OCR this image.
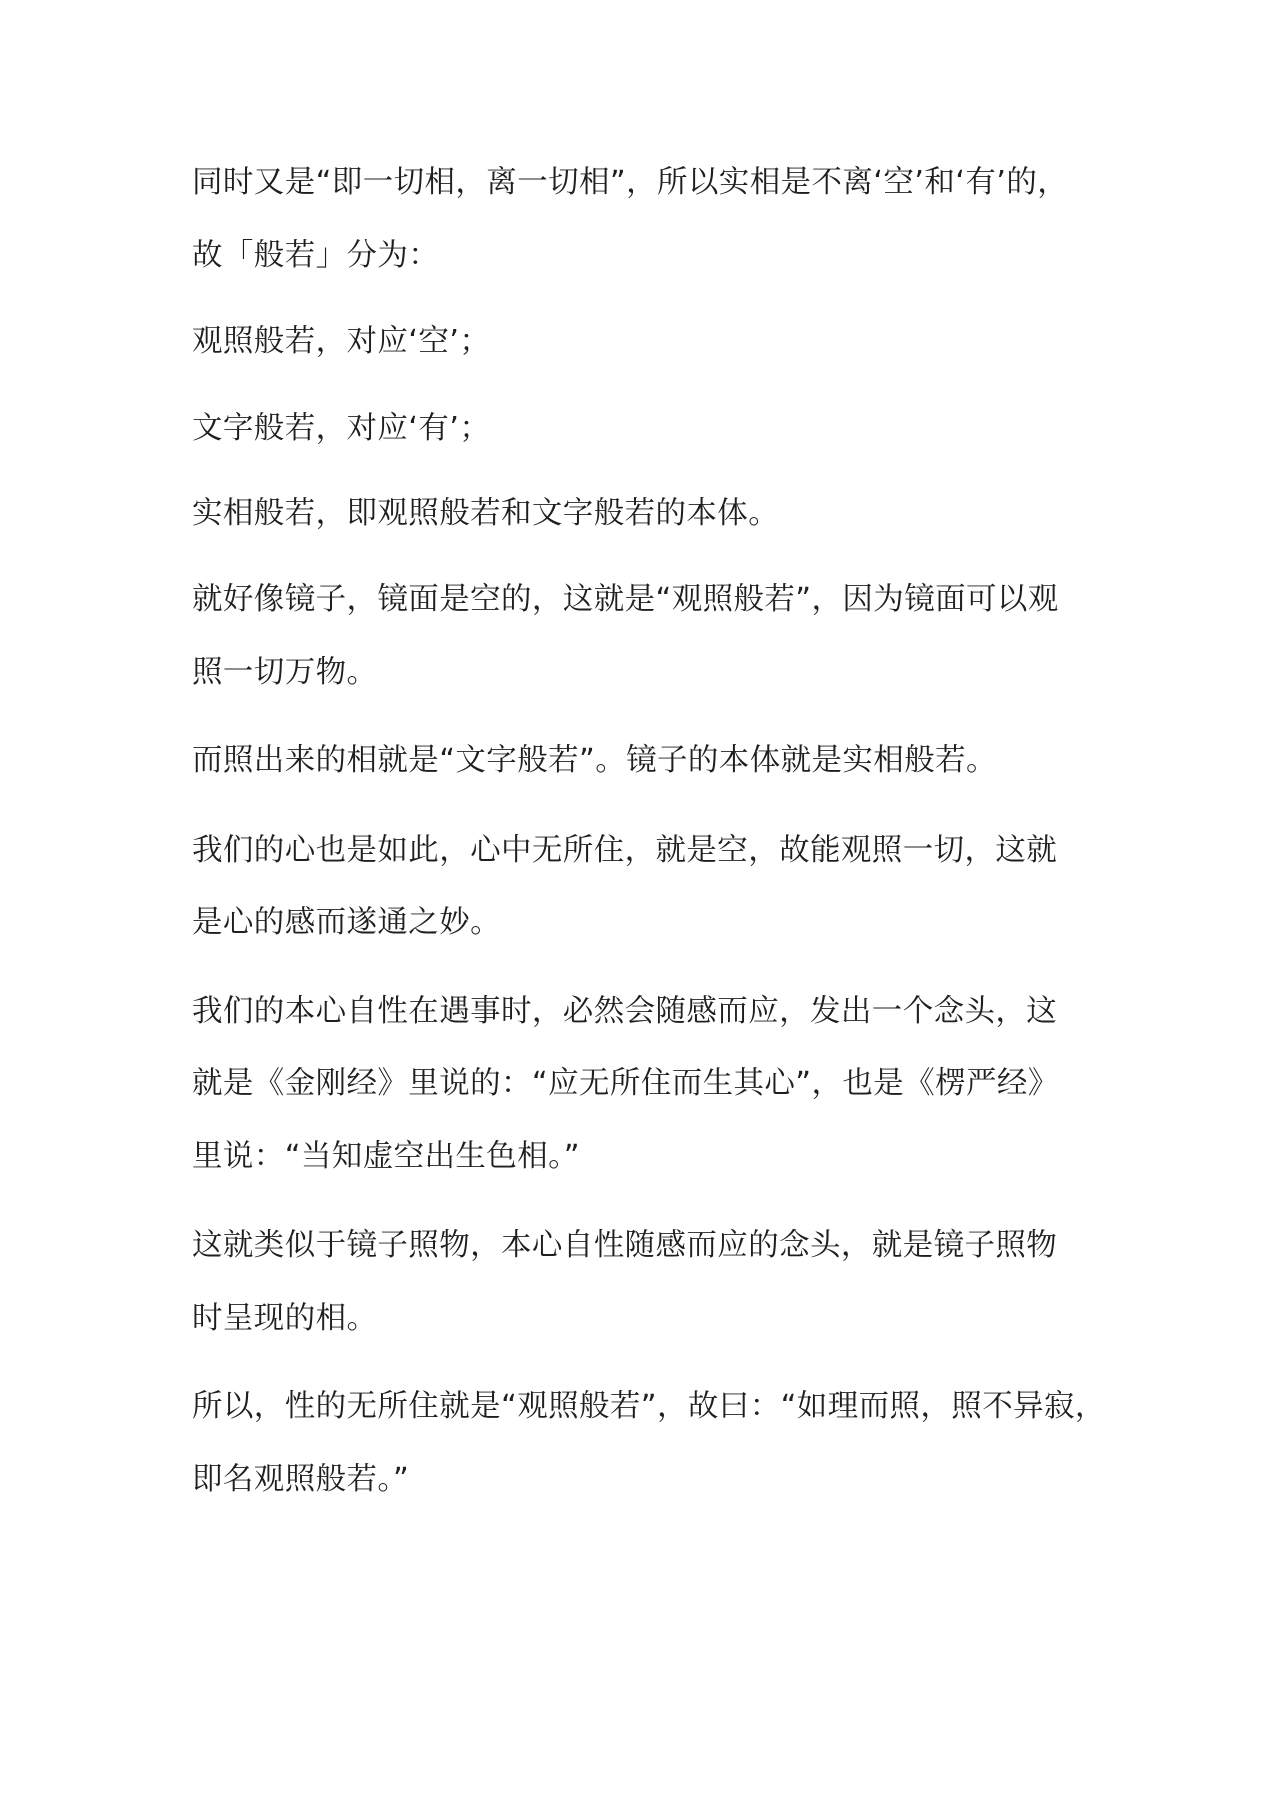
同时又是“即一切相，离一切相”，所以实相是不离‘空’和‘有’的，
故「般若」分为：
观照般若，对应‘空’；
文字般若，对应‘有’；
实相般若，即观照般若和文字般若的本体。
就好像镜子，镜面是空的，这就是“观照般若”，因为镜面可以观
照一切万物。
而照出来的相就是“文字般若”。镜子的本体就是实相般若。
我们的心也是如此，心中无所住，就是空，故能观照一切，这就
是心的感而遂通之妙。
我们的本心自性在遇事时，必然会随感而应，发出一个念头，这
就是《金刚经》里说的：“应无所住而生其心”，也是《楞严经》
里说：“当知虚空出生色相。”
这就类似于镜子照物，本心自性随感而应的念头，就是镜子照物
时呈现的相。
所以，性的无所住就是“观照般若”，故曰：“如理而照，照不异寂，
即名观照般若。”
